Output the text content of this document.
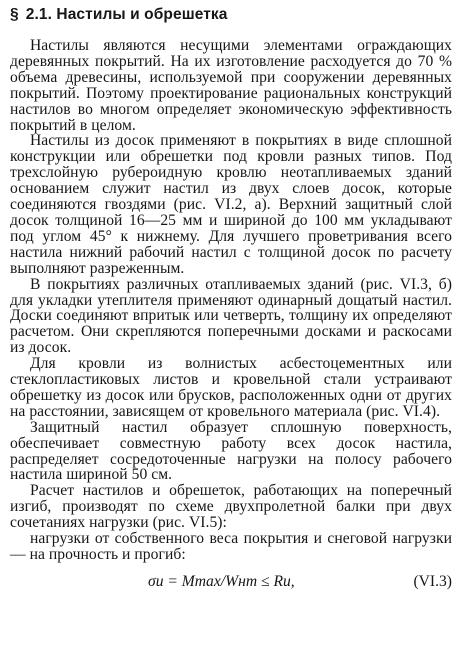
§ 2.1. Настилы и обрешетка

Настилы являются несущими элементами ограждающих деревянных покрытий. На их изготовление расходуется до 70 % объема древесины, используемой при сооружении деревянных покрытий. Поэтому проектирование рациональных конструкций настилов во многом определяет экономическую эффективность покрытий в целом.

Настилы из досок применяют в покрытиях в виде сплошной конструкции или обрешетки под кровли разных типов. Под трехслойную рубероидную кровлю неотапливаемых зданий основанием служит настил из двух слоев досок, которые соединяются гвоздями (рис. VI.2, а). Верхний защитный слой досок толщиной 16—25 мм и шириной до 100 мм укладывают под углом 45° к нижнему. Для лучшего проветривания всего настила нижний рабочий настил с толщиной досок по расчету выполняют разреженным.

В покрытиях различных отапливаемых зданий (рис. VI.3, б) для укладки утеплителя применяют одинарный дощатый настил. Доски соединяют впритык или четверть, толщину их определяют расчетом. Они скрепляются поперечными досками и раскосами из досок.

Для кровли из волнистых асбестоцементных или стеклопластиковых листов и кровельной стали устраивают обрешетку из досок или брусков, расположенных одни от других на расстоянии, зависящем от кровельного материала (рис. VI.4).

Защитный настил образует сплошную поверхность, обеспечивает совместную работу всех досок настила, распределяет сосредоточенные нагрузки на полосу рабочего настила шириной 50 см.

Расчет настилов и обрешеток, работающих на поперечный изгиб, производят по схеме двухпролетной балки при двух сочетаниях нагрузки (рис. VI.5):

нагрузки от собственного веса покрытия и снеговой нагрузки — на прочность и прогиб:

σи = Mmax/Wнт ≤ Rи,	(VI.3)
